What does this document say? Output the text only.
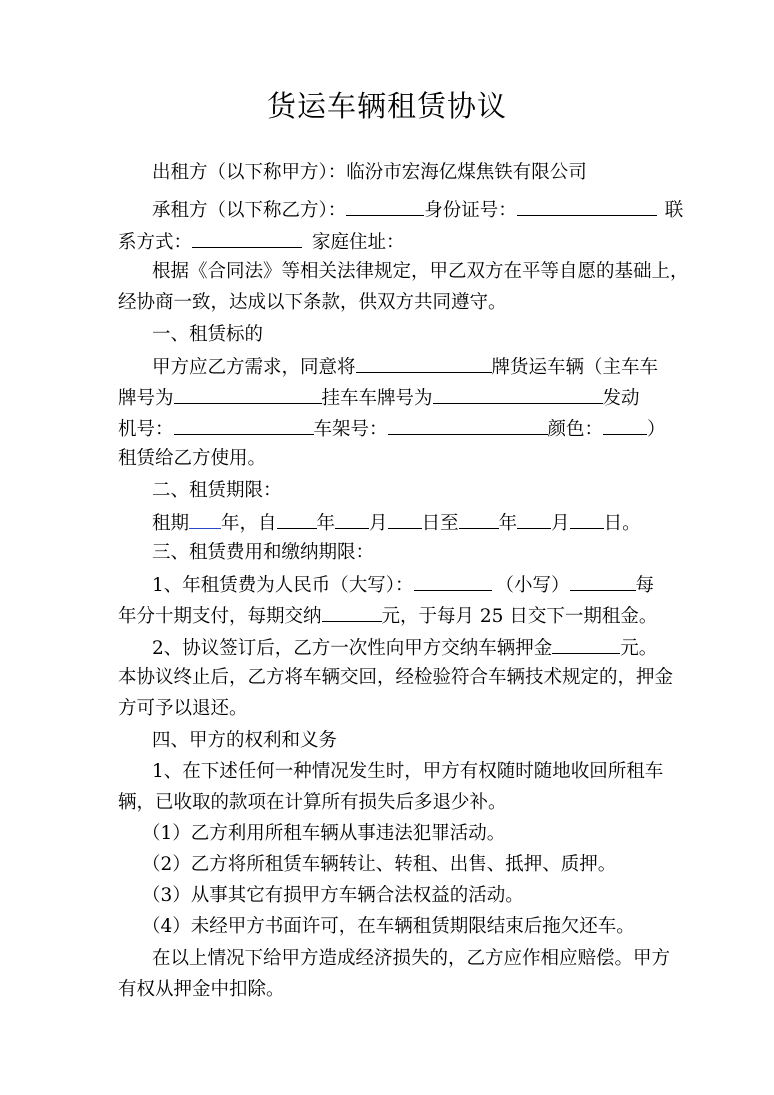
货运车辆租赁协议
出租方（以下称甲方）：临汾市宏海亿煤焦铁有限公司
承租方（以下称乙方）：	身份证号：	联
系方式：	家庭住址：
根据《合同法》等相关法律规定，甲乙双方在平等自愿的基础上，
经协商一致，达成以下条款，供双方共同遵守。
一、租赁标的
甲方应乙方需求，同意将	牌货运车辆（主车车
牌号为	挂车车牌号为	发动
机号：	车架号：	颜色： ）
租赁给乙方使用。
二、租赁期限：
租期 年，自 年 月 日至 年 月 日。
三、租赁费用和缴纳期限：
1、年租赁费为人民币（大写）：	（小写）	每
年分十期支付，每期交纳	元，于每月 25 日交下一期租金。
2、协议签订后，乙方一次性向甲方交纳车辆押金	元。
本协议终止后，乙方将车辆交回，经检验符合车辆技术规定的，押金
方可予以退还。
四、甲方的权利和义务
1、在下述任何一种情况发生时，甲方有权随时随地收回所租车
辆，已收取的款项在计算所有损失后多退少补。
（1）乙方利用所租车辆从事违法犯罪活动。
（2）乙方将所租赁车辆转让、转租、出售、抵押、质押。
（3）从事其它有损甲方车辆合法权益的活动。
（4）未经甲方书面许可，在车辆租赁期限结束后拖欠还车。
在以上情况下给甲方造成经济损失的，乙方应作相应赔偿。甲方
有权从押金中扣除。
